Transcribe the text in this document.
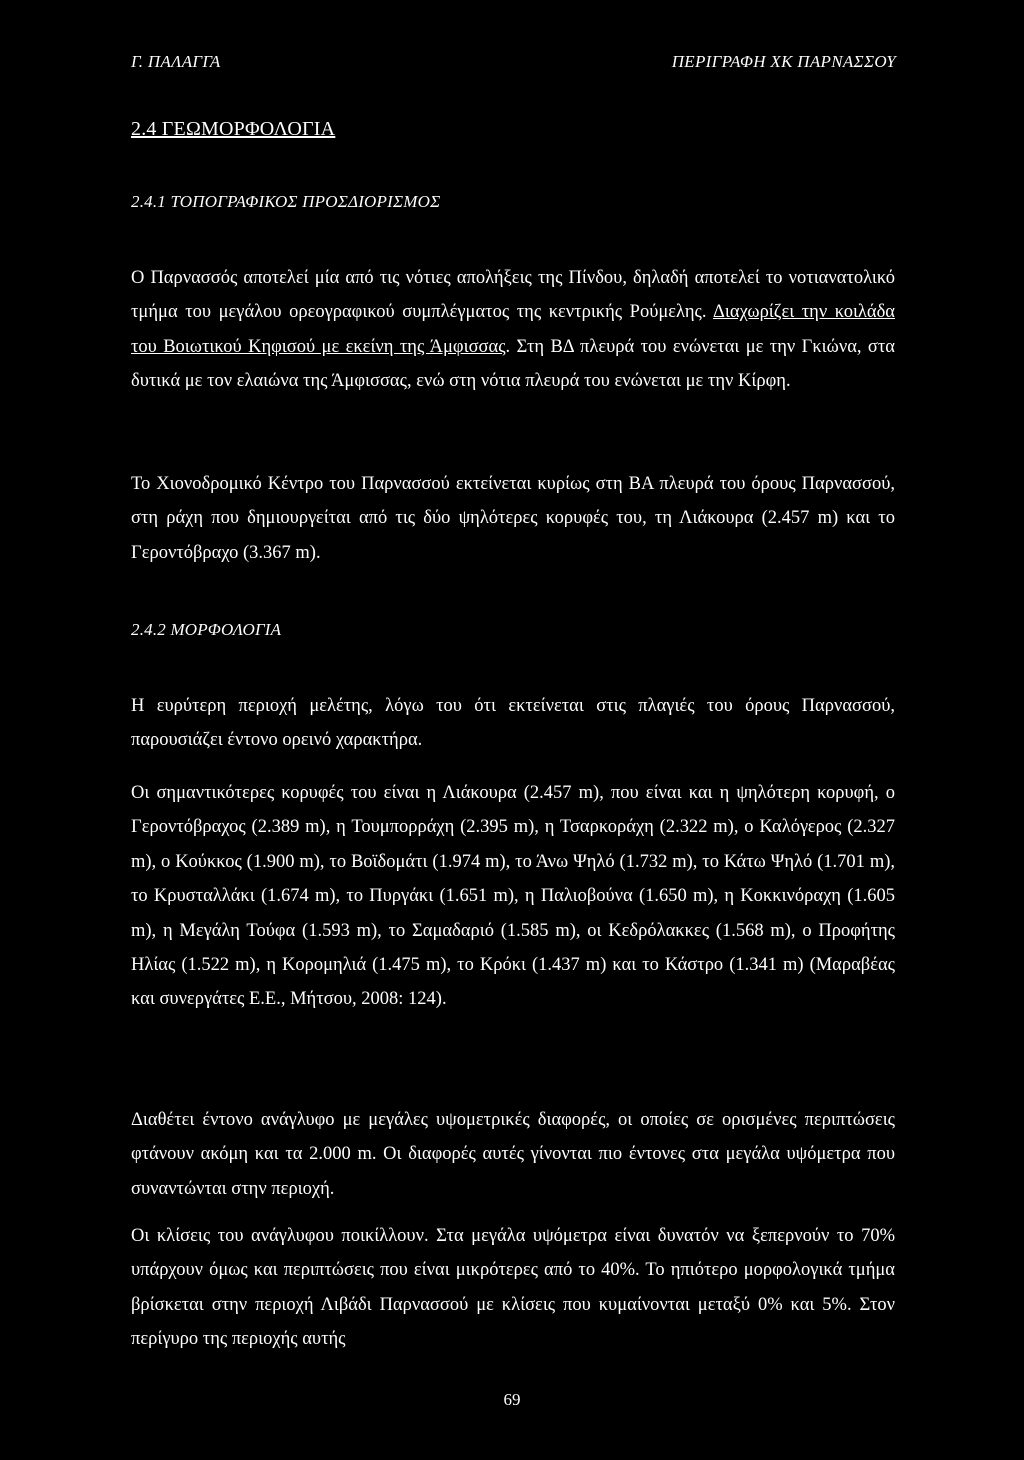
Γ. ΠΑΛΑΓΓΑ	ΠΕΡΙΓΡΑΦΗ ΧΚ ΠΑΡΝΑΣΣΟΥ
2.4 ΓΕΩΜΟΡΦΟΛΟΓΙΑ
2.4.1 ΤΟΠΟΓΡΑΦΙΚΟΣ ΠΡΟΣΔΙΟΡΙΣΜΟΣ

Ο Παρνασσός αποτελεί μία από τις νότιες απολήξεις της Πίνδου, δηλαδή αποτελεί το νοτιανατολικό τμήμα του μεγάλου ορεογραφικού συμπλέγματος της κεντρικής Ρούμελης. Διαχωρίζει την κοιλάδα του Βοιωτικού Κηφισού με εκείνη της Άμφισσας. Στη ΒΔ πλευρά του ενώνεται με την Γκιώνα, στα δυτικά με τον ελαιώνα της Άμφισσας, ενώ στη νότια πλευρά του ενώνεται με την Κίρφη.

Το Χιονοδρομικό Κέντρο του Παρνασσού εκτείνεται κυρίως στη ΒΑ πλευρά του όρους Παρνασσού, στη ράχη που δημιουργείται από τις δύο ψηλότερες κορυφές του, τη Λιάκουρα (2.457 m) και το Γεροντόβραχο (3.367 m).

2.4.2 ΜΟΡΦΟΛΟΓΙΑ

Η ευρύτερη περιοχή μελέτης, λόγω του ότι εκτείνεται στις πλαγιές του όρους Παρνασσού, παρουσιάζει έντονο ορεινό χαρακτήρα.

Οι σημαντικότερες κορυφές του είναι η Λιάκουρα (2.457 m), που είναι και η ψηλότερη κορυφή, ο Γεροντόβραχος (2.389 m), η Τουμπορράχη (2.395 m), η Τσαρκοράχη (2.322 m), ο Καλόγερος (2.327 m), ο Κούκκος (1.900 m), το Βοϊδομάτι (1.974 m), το Άνω Ψηλό (1.732 m), το Κάτω Ψηλό (1.701 m), το Κρυσταλλάκι (1.674 m), το Πυργάκι (1.651 m), η Παλιοβούνα (1.650 m), η Κοκκινόραχη (1.605 m), η Μεγάλη Τούφα (1.593 m), το Σαμαδαριό (1.585 m), οι Κεδρόλακκες (1.568 m), ο Προφήτης Ηλίας (1.522 m), η Κορομηλιά (1.475 m), το Κρόκι (1.437 m) και το Κάστρο (1.341 m) (Μαραβέας και συνεργάτες Ε.Ε., Μήτσου, 2008: 124).

Διαθέτει έντονο ανάγλυφο με μεγάλες υψομετρικές διαφορές, οι οποίες σε ορισμένες περιπτώσεις φτάνουν ακόμη και τα 2.000 m. Οι διαφορές αυτές γίνονται πιο έντονες στα μεγάλα υψόμετρα που συναντώνται στην περιοχή.

Οι κλίσεις του ανάγλυφου ποικίλλουν. Στα μεγάλα υψόμετρα είναι δυνατόν να ξεπερνούν το 70% υπάρχουν όμως και περιπτώσεις που είναι μικρότερες από το 40%. Το ηπιότερο μορφολογικά τμήμα βρίσκεται στην περιοχή Λιβάδι Παρνασσού με κλίσεις που κυμαίνονται μεταξύ 0% και 5%. Στον περίγυρο της περιοχής αυτής

69
